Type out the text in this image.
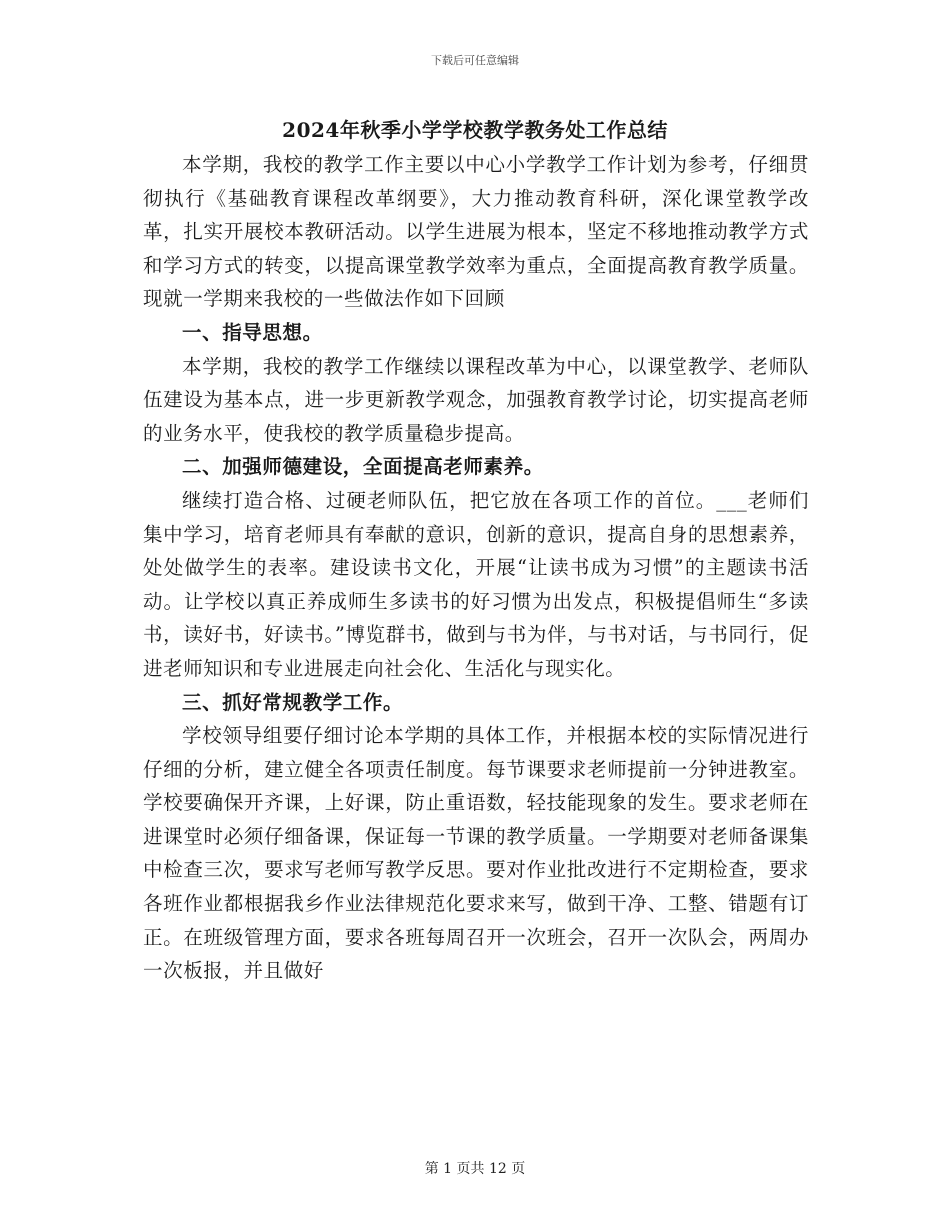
下载后可任意编辑
2024年秋季小学学校教学教务处工作总结

本学期，我校的教学工作主要以中心小学教学工作计划为参考，仔细贯彻执行《基础教育课程改革纲要》，大力推动教育科研，深化课堂教学改革，扎实开展校本教研活动。以学生进展为根本，坚定不移地推动教学方式和学习方式的转变，以提高课堂教学效率为重点，全面提高教育教学质量。现就一学期来我校的一些做法作如下回顾

一、指导思想。

本学期，我校的教学工作继续以课程改革为中心，以课堂教学、老师队伍建设为基本点，进一步更新教学观念，加强教育教学讨论，切实提高老师的业务水平，使我校的教学质量稳步提高。

二、加强师德建设，全面提高老师素养。

继续打造合格、过硬老师队伍，把它放在各项工作的首位。___老师们集中学习，培育老师具有奉献的意识，创新的意识，提高自身的思想素养，处处做学生的表率。建设读书文化，开展“让读书成为习惯”的主题读书活动。让学校以真正养成师生多读书的好习惯为出发点，积极提倡师生“多读书，读好书，好读书。”博览群书，做到与书为伴，与书对话，与书同行，促进老师知识和专业进展走向社会化、生活化与现实化。

三、抓好常规教学工作。

学校领导组要仔细讨论本学期的具体工作，并根据本校的实际情况进行仔细的分析，建立健全各项责任制度。每节课要求老师提前一分钟进教室。学校要确保开齐课，上好课，防止重语数，轻技能现象的发生。要求老师在进课堂时必须仔细备课，保证每一节课的教学质量。一学期要对老师备课集中检查三次，要求写老师写教学反思。要对作业批改进行不定期检查，要求各班作业都根据我乡作业法律规范化要求来写，做到干净、工整、错题有订正。在班级管理方面，要求各班每周召开一次班会，召开一次队会，两周办一次板报，并且做好

第 1 页共 12 页
